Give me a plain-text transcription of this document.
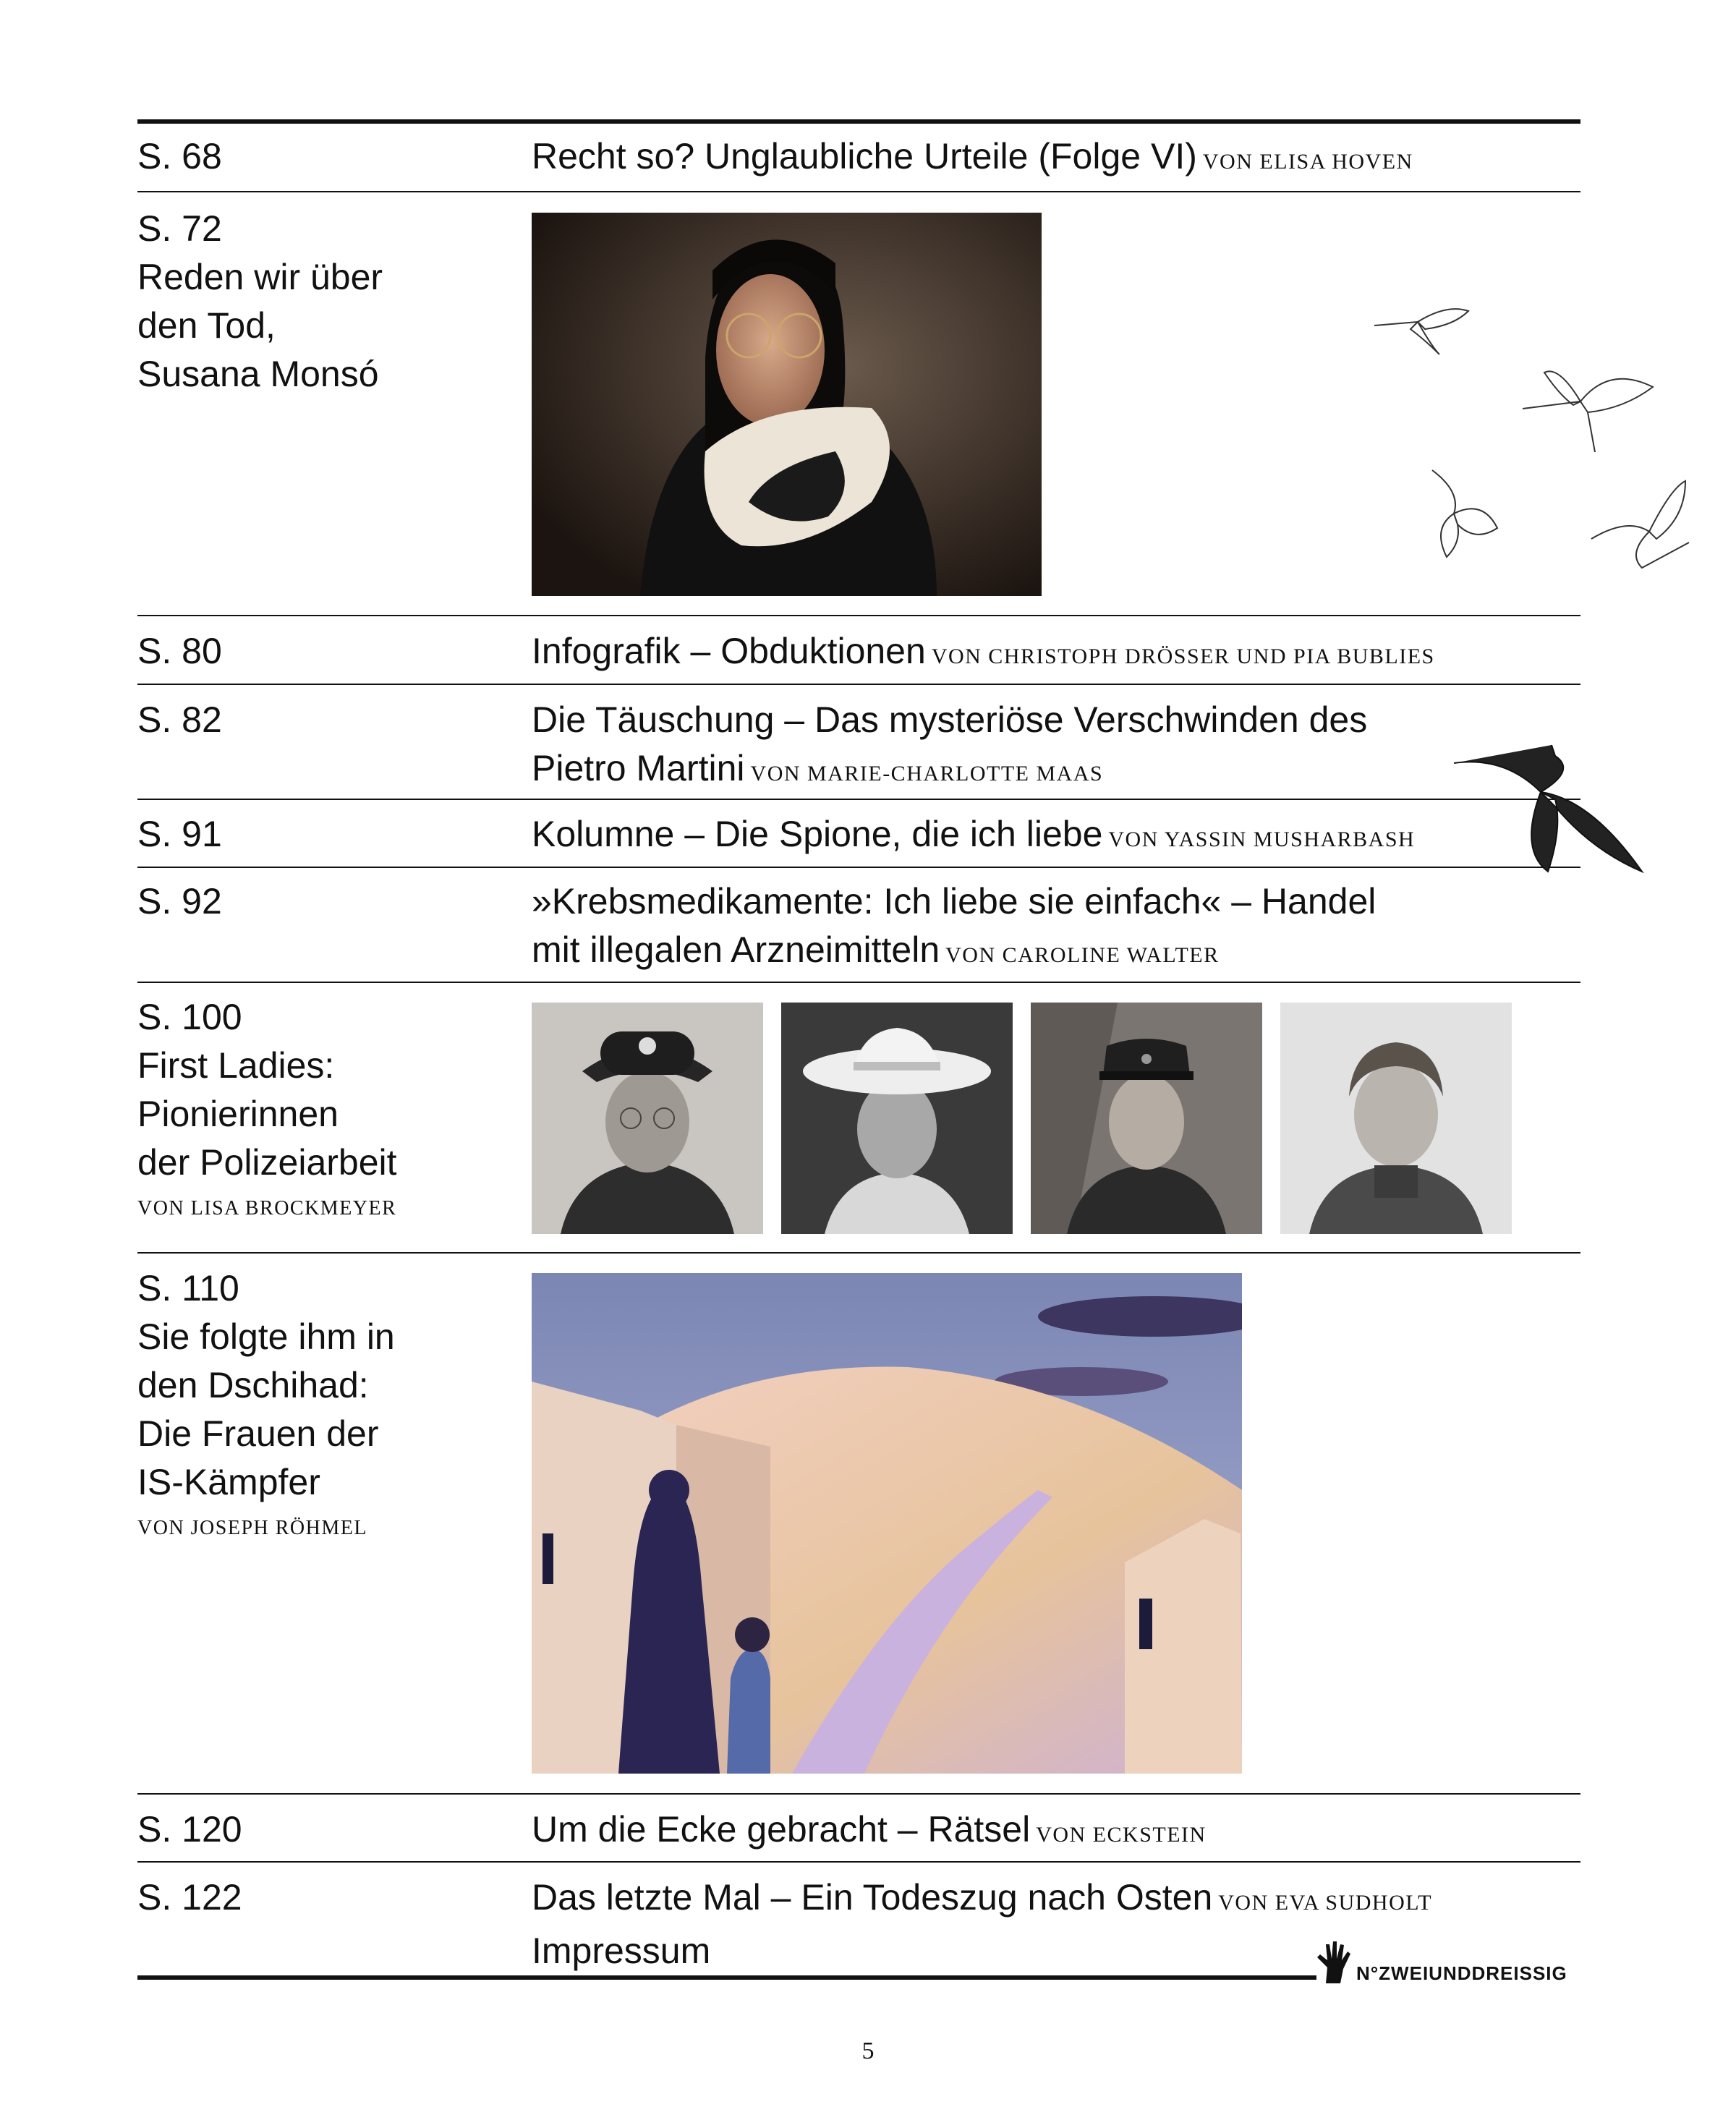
S. 68	Recht so? Unglaubliche Urteile (Folge VI) VON ELISA HOVEN
S. 72
Reden wir über
den Tod,
Susana Monsó
S. 80	Infografik – Obduktionen VON CHRISTOPH DRÖSSER UND PIA BUBLIES
S. 82	Die Täuschung – Das mysteriöse Verschwinden des
Pietro Martini VON MARIE-CHARLOTTE MAAS
S. 91	Kolumne – Die Spione, die ich liebe VON YASSIN MUSHARBASH
S. 92	»Krebsmedikamente: Ich liebe sie einfach« – Handel
mit illegalen Arzneimitteln VON CAROLINE WALTER
S. 100
First Ladies:
Pionierinnen
der Polizeiarbeit
VON LISA BROCKMEYER
S. 110
Sie folgte ihm in
den Dschihad:
Die Frauen der
IS-Kämpfer
VON JOSEPH RÖHMEL
S. 120	Um die Ecke gebracht – Rätsel VON ECKSTEIN
S. 122	Das letzte Mal – Ein Todeszug nach Osten VON EVA SUDHOLT
Impressum
N°ZWEIUNDDREISSIG
5
